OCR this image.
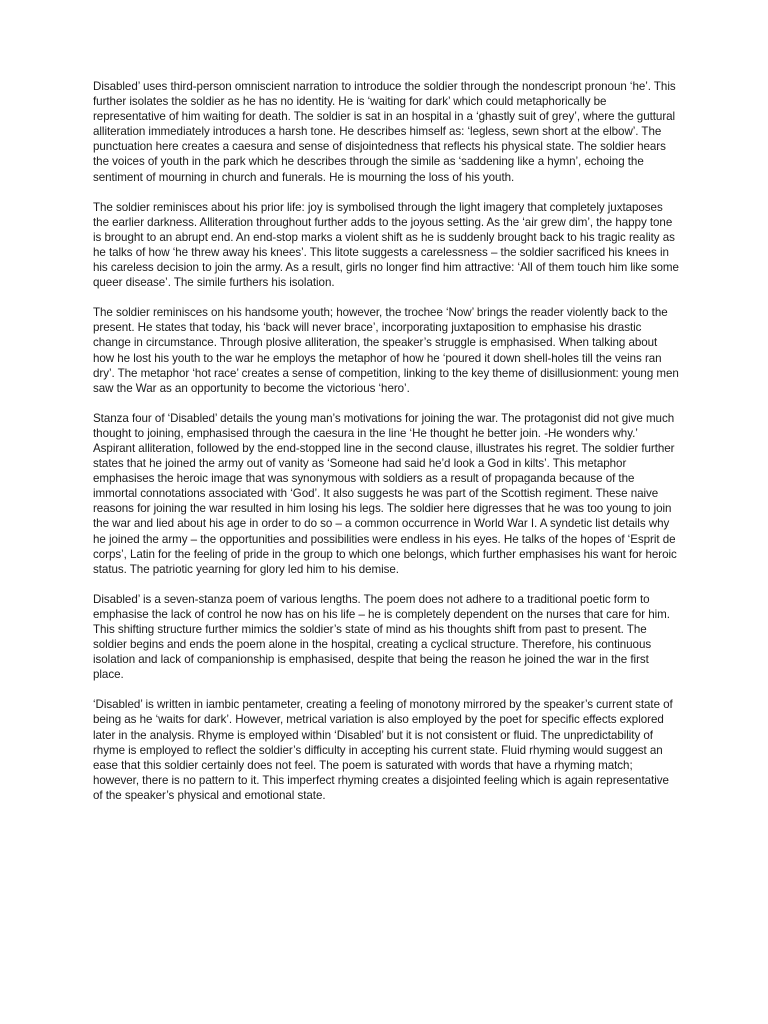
Disabled’ uses third-person omniscient narration to introduce the soldier through the nondescript pronoun ‘he’. This further isolates the soldier as he has no identity. He is ‘waiting for dark’ which could metaphorically be representative of him waiting for death. The soldier is sat in an hospital in a ‘ghastly suit of grey’, where the guttural alliteration immediately introduces a harsh tone. He describes himself as: ‘legless, sewn short at the elbow’. The punctuation here creates a caesura and sense of disjointedness that reflects his physical state. The soldier hears the voices of youth in the park which he describes through the simile as ‘saddening like a hymn’, echoing the sentiment of mourning in church and funerals. He is mourning the loss of his youth.

The soldier reminisces about his prior life: joy is symbolised through the light imagery that completely juxtaposes the earlier darkness. Alliteration throughout further adds to the joyous setting. As the ‘air grew dim’, the happy tone is brought to an abrupt end. An end-stop marks a violent shift as he is suddenly brought back to his tragic reality as he talks of how ‘he threw away his knees’. This litote suggests a carelessness – the soldier sacrificed his knees in his careless decision to join the army. As a result, girls no longer find him attractive: ‘All of them touch him like some queer disease’. The simile furthers his isolation.

The soldier reminisces on his handsome youth; however, the trochee ‘Now’ brings the reader violently back to the present. He states that today, his ‘back will never brace’, incorporating juxtaposition to emphasise his drastic change in circumstance. Through plosive alliteration, the speaker’s struggle is emphasised. When talking about how he lost his youth to the war he employs the metaphor of how he ‘poured it down shell-holes till the veins ran dry’. The metaphor ‘hot race’ creates a sense of competition, linking to the key theme of disillusionment: young men saw the War as an opportunity to become the victorious ‘hero’.

Stanza four of ‘Disabled’ details the young man’s motivations for joining the war. The protagonist did not give much thought to joining, emphasised through the caesura in the line ‘He thought he better join. -He wonders why.’ Aspirant alliteration, followed by the end-stopped line in the second clause, illustrates his regret. The soldier further states that he joined the army out of vanity as ‘Someone had said he’d look a God in kilts’. This metaphor emphasises the heroic image that was synonymous with soldiers as a result of propaganda because of the immortal connotations associated with ‘God’. It also suggests he was part of the Scottish regiment. These naive reasons for joining the war resulted in him losing his legs. The soldier here digresses that he was too young to join the war and lied about his age in order to do so – a common occurrence in World War I. A syndetic list details why he joined the army – the opportunities and possibilities were endless in his eyes. He talks of the hopes of ‘Esprit de corps’, Latin for the feeling of pride in the group to which one belongs, which further emphasises his want for heroic status. The patriotic yearning for glory led him to his demise.

Disabled’ is a seven-stanza poem of various lengths. The poem does not adhere to a traditional poetic form to emphasise the lack of control he now has on his life – he is completely dependent on the nurses that care for him. This shifting structure further mimics the soldier’s state of mind as his thoughts shift from past to present. The soldier begins and ends the poem alone in the hospital, creating a cyclical structure. Therefore, his continuous isolation and lack of companionship is emphasised, despite that being the reason he joined the war in the first place.

‘Disabled’ is written in iambic pentameter, creating a feeling of monotony mirrored by the speaker’s current state of being as he ‘waits for dark’. However, metrical variation is also employed by the poet for specific effects explored later in the analysis. Rhyme is employed within ‘Disabled’ but it is not consistent or fluid. The unpredictability of rhyme is employed to reflect the soldier’s difficulty in accepting his current state. Fluid rhyming would suggest an ease that this soldier certainly does not feel. The poem is saturated with words that have a rhyming match; however, there is no pattern to it. This imperfect rhyming creates a disjointed feeling which is again representative of the speaker’s physical and emotional state.
